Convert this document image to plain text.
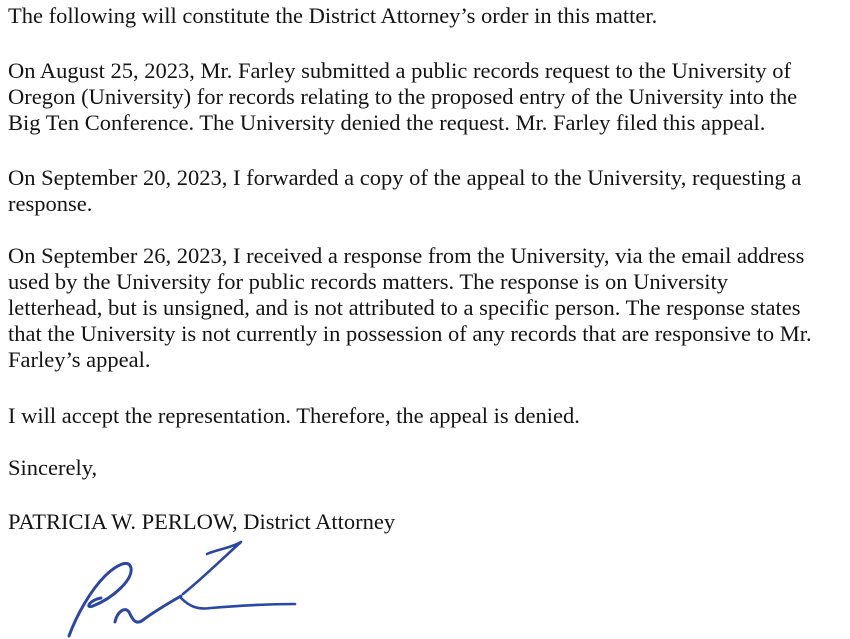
The following will constitute the District Attorney’s order in this matter.

On August 25, 2023, Mr. Farley submitted a public records request to the University of
Oregon (University) for records relating to the proposed entry of the University into the
Big Ten Conference. The University denied the request. Mr. Farley filed this appeal.

On September 20, 2023, I forwarded a copy of the appeal to the University, requesting a
response.

On September 26, 2023, I received a response from the University, via the email address
used by the University for public records matters. The response is on University
letterhead, but is unsigned, and is not attributed to a specific person. The response states
that the University is not currently in possession of any records that are responsive to Mr.
Farley’s appeal.

I will accept the representation. Therefore, the appeal is denied.

Sincerely,

PATRICIA W. PERLOW, District Attorney
